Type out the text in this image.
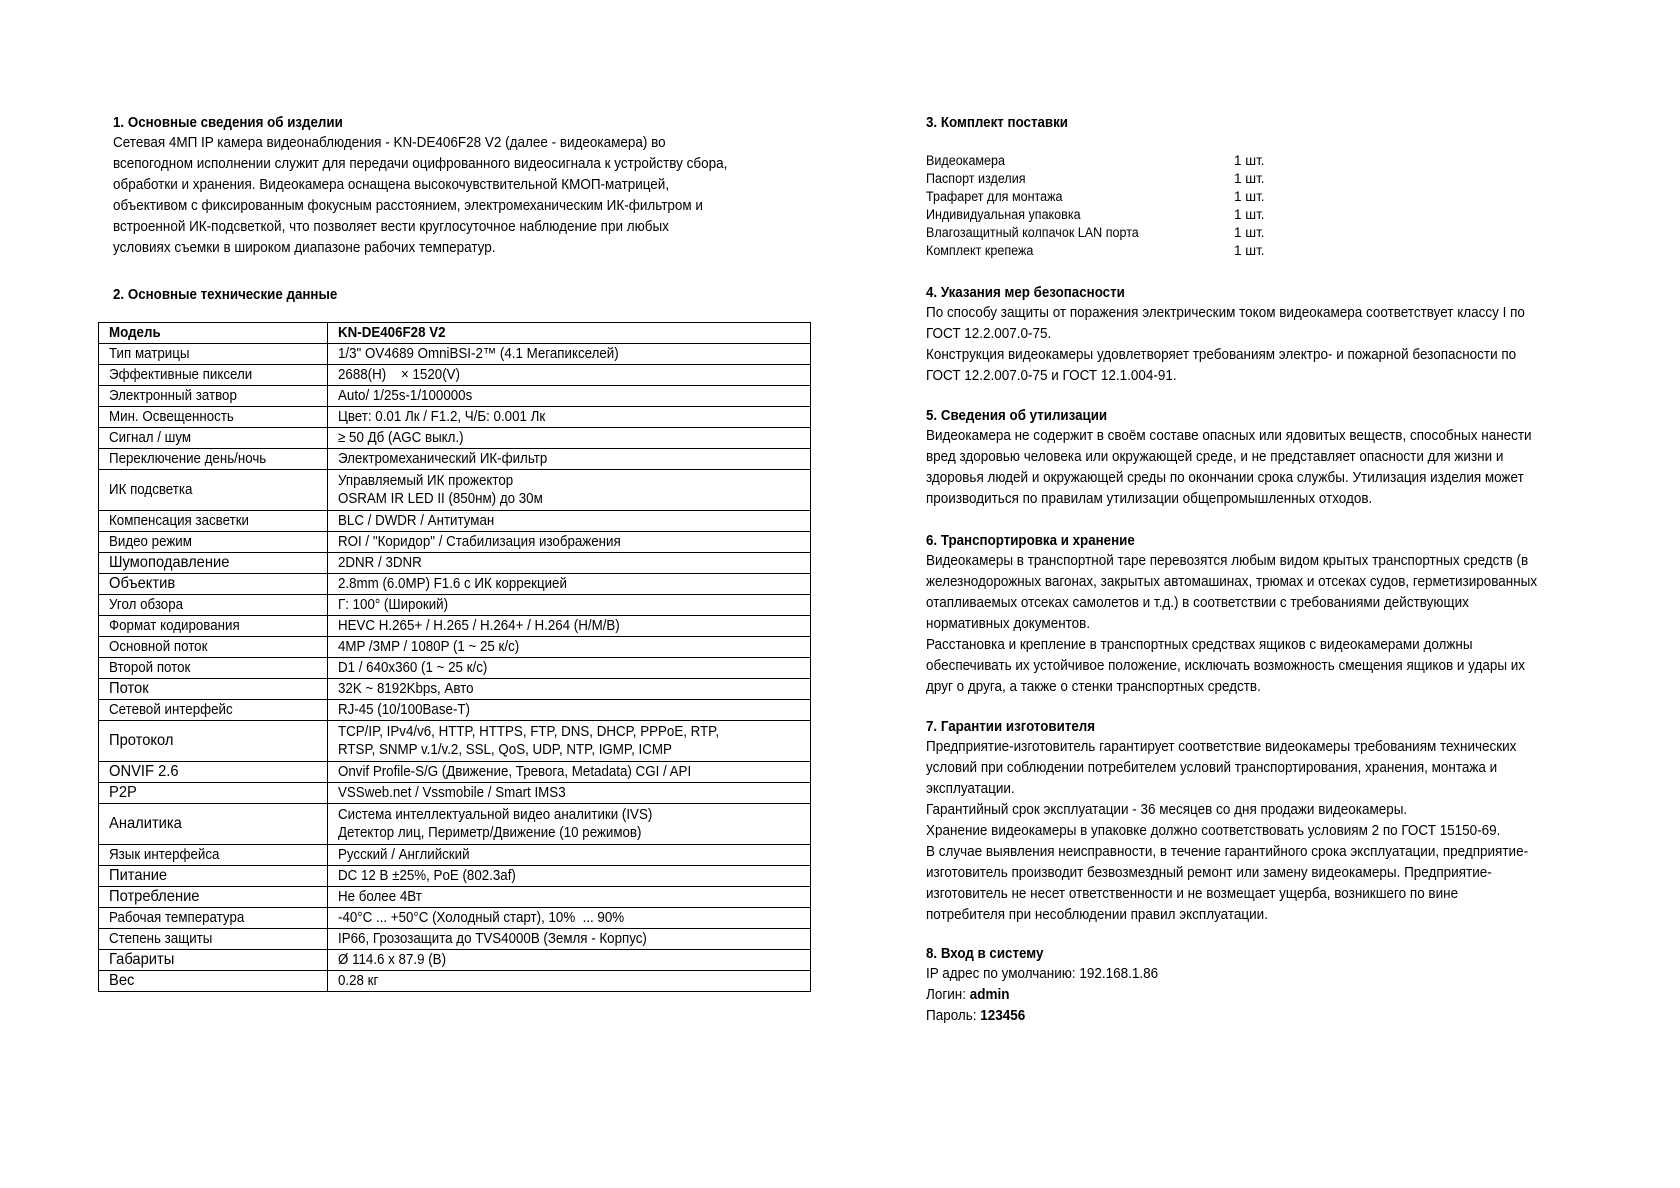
1. Основные сведения об изделии

Сетевая 4МП IP камера видеонаблюдения - KN-DE406F28 V2 (далее - видеокамера) во

всепогодном исполнении служит для передачи оцифрованного видеосигнала к устройству сбора,

обработки и хранения. Видеокамера оснащена высокочувствительной КМОП-матрицей,

объективом с фиксированным фокусным расстоянием, электромеханическим ИК-фильтром и

встроенной ИК-подсветкой, что позволяет вести круглосуточное наблюдение при любых

условиях съемки в широком диапазоне рабочих температур.

2. Основные технические данные
Модель	KN-DE406F28 V2
Тип матрицы	1/3" OV4689 OmniBSI-2™ (4.1 Мегапикселей)
Эффективные пиксели	2688(H)    × 1520(V)
Электронный затвор	Auto/ 1/25s-1/100000s
Мин. Освещенность	Цвет: 0.01 Лк / F1.2, Ч/Б: 0.001 Лк
Сигнал / шум	≥ 50 Дб (AGC выкл.)
Переключение день/ночь	Электромеханический ИК-фильтр
ИК подсветка	Управляемый ИК прожектор
OSRAM IR LED II (850нм) до 30м
Компенсация засветки	BLC / DWDR / Антитуман
Видео режим	ROI / "Коридор" / Стабилизация изображения
Шумоподавление	2DNR / 3DNR
Объектив	2.8mm (6.0MP) F1.6 с ИК коррекцией
Угол обзора	Г: 100° (Широкий)
Формат кодирования	HEVC H.265+ / H.265 / H.264+ / H.264 (H/M/B)
Основной поток	4MP /3MP / 1080P (1 ~ 25 к/с)
Второй поток	D1 / 640x360 (1 ~ 25 к/с)
Поток	32K ~ 8192Kbps, Авто
Сетевой интерфейс	RJ-45 (10/100Base-T)
Протокол	TCP/IP, IPv4/v6, HTTP, HTTPS, FTP, DNS, DHCP, PPPoE, RTP,
RTSP, SNMP v.1/v.2, SSL, QoS, UDP, NTP, IGMP, ICMP
ONVIF 2.6	Onvif Profile-S/G (Движение, Тревога, Metadata) CGI / API
P2P	VSSweb.net / Vssmobile / Smart IMS3
Аналитика	Система интеллектуальной видео аналитики (IVS)
Детектор лиц, Периметр/Движение (10 режимов)
Язык интерфейса	Русский / Английский
Питание	DC 12 В ±25%, PoE (802.3af)
Потребление	Не более 4Вт
Рабочая температура	-40°C ... +50°C (Холодный старт), 10%  ... 90%
Степень защиты	IP66, Грозозащита до TVS4000В (Земля - Корпус)
Габариты	Ø 114.6 x 87.9 (В)
Вес	0.28 кг
3. Комплект поставки
Видеокамера	1 шт.
Паспорт изделия	1 шт.
Трафарет для монтажа	1 шт.
Индивидуальная упаковка	1 шт.
Влагозащитный колпачок LAN порта	1 шт.
Комплект крепежа	1 шт.
4. Указания мер безопасности

По способу защиты от поражения электрическим током видеокамера соответствует классу I по

ГОСТ 12.2.007.0-75.

Конструкция видеокамеры удовлетворяет требованиям электро- и пожарной безопасности по

ГОСТ 12.2.007.0-75 и ГОСТ 12.1.004-91.

5. Сведения об утилизации

Видеокамера не содержит в своём составе опасных или ядовитых веществ, способных нанести

вред здоровью человека или окружающей среде, и не представляет опасности для жизни и

здоровья людей и окружающей среды по окончании срока службы. Утилизация изделия может

производиться по правилам утилизации общепромышленных отходов.

6. Транспортировка и хранение

Видеокамеры в транспортной таре перевозятся любым видом крытых транспортных средств (в

железнодорожных вагонах, закрытых автомашинах, трюмах и отсеках судов, герметизированных

отапливаемых отсеках самолетов и т.д.) в соответствии с требованиями действующих

нормативных документов.

Расстановка и крепление в транспортных средствах ящиков с видеокамерами должны

обеспечивать их устойчивое положение, исключать возможность смещения ящиков и удары их

друг о друга, а также о стенки транспортных средств.

7. Гарантии изготовителя

Предприятие-изготовитель гарантирует соответствие видеокамеры требованиям технических

условий при соблюдении потребителем условий транспортирования, хранения, монтажа и

эксплуатации.

Гарантийный срок эксплуатации - 36 месяцев со дня продажи видеокамеры.

Хранение видеокамеры в упаковке должно соответствовать условиям 2 по ГОСТ 15150-69.

В случае выявления неисправности, в течение гарантийного срока эксплуатации, предприятие-

изготовитель производит безвозмездный ремонт или замену видеокамеры. Предприятие-

изготовитель не несет ответственности и не возмещает ущерба, возникшего по вине

потребителя при несоблюдении правил эксплуатации.

8. Вход в систему

IP адрес по умолчанию: 192.168.1.86

Логин: admin

Пароль: 123456
